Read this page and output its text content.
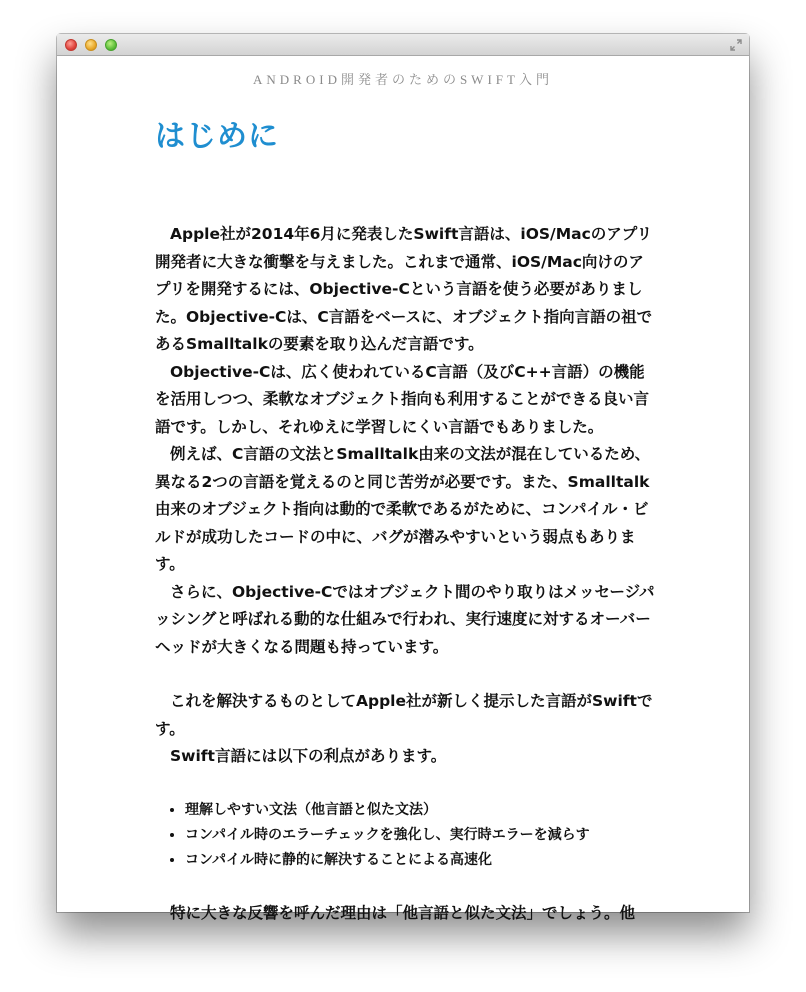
ANDROID開発者のためのSWIFT入門
はじめに

Apple社が2014年6月に発表したSwift言語は、iOS/Macのアプリ開発者に大きな衝撃を与えました。これまで通常、iOS/Mac向けのアプリを開発するには、Objective-Cという言語を使う必要がありました。Objective-Cは、C言語をベースに、オブジェクト指向言語の祖であるSmalltalkの要素を取り込んだ言語です。

Objective-Cは、広く使われているC言語（及びC++言語）の機能を活用しつつ、柔軟なオブジェクト指向も利用することができる良い言語です。しかし、それゆえに学習しにくい言語でもありました。

例えば、C言語の文法とSmalltalk由来の文法が混在しているため、異なる2つの言語を覚えるのと同じ苦労が必要です。また、Smalltalk由来のオブジェクト指向は動的で柔軟であるがために、コンパイル・ビルドが成功したコードの中に、バグが潜みやすいという弱点もあります。

さらに、Objective-Cではオブジェクト間のやり取りはメッセージパッシングと呼ばれる動的な仕組みで行われ、実行速度に対するオーバーヘッドが大きくなる問題も持っています。

これを解決するものとしてApple社が新しく提示した言語がSwiftです。

Swift言語には以下の利点があります。

• 理解しやすい文法（他言語と似た文法）
• コンパイル時のエラーチェックを強化し、実行時エラーを減らす
• コンパイル時に静的に解決することによる高速化

特に大きな反響を呼んだ理由は「他言語と似た文法」でしょう。他
